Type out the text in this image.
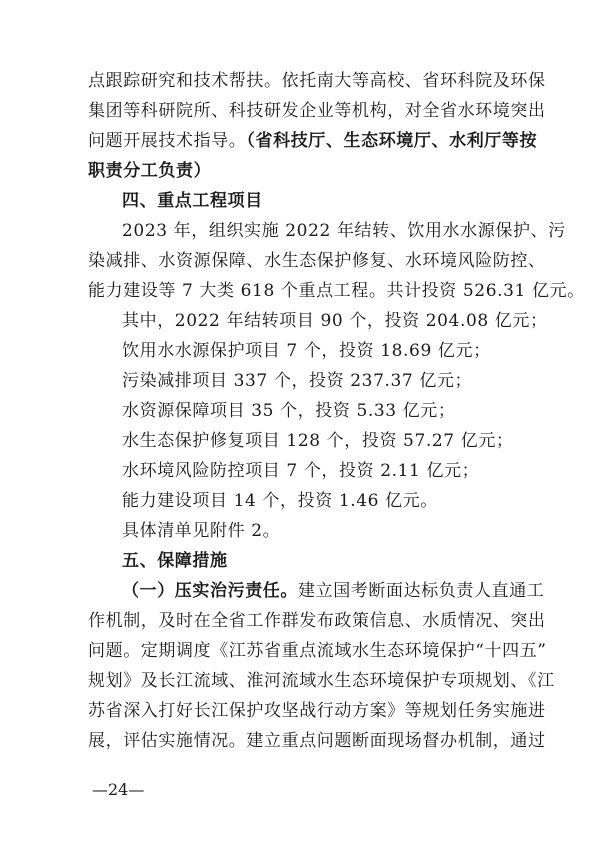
点跟踪研究和技术帮扶。依托南大等高校、省环科院及环保
集团等科研院所、科技研发企业等机构，对全省水环境突出
问题开展技术指导。（省科技厅、生态环境厅、水利厅等按
职责分工负责）
四、重点工程项目
2023 年，组织实施 2022 年结转、饮用水水源保护、污
染减排、水资源保障、水生态保护修复、水环境风险防控、
能力建设等 7 大类 618 个重点工程。共计投资 526.31 亿元。
其中，2022 年结转项目 90 个，投资 204.08 亿元；
饮用水水源保护项目 7 个，投资 18.69 亿元；
污染减排项目 337 个，投资 237.37 亿元；
水资源保障项目 35 个，投资 5.33 亿元；
水生态保护修复项目 128 个，投资 57.27 亿元；
水环境风险防控项目 7 个，投资 2.11 亿元；
能力建设项目 14 个，投资 1.46 亿元。
具体清单见附件 2。
五、保障措施
（一）压实治污责任。建立国考断面达标负责人直通工
作机制，及时在全省工作群发布政策信息、水质情况、突出
问题。定期调度《江苏省重点流域水生态环境保护“十四五”
规划》及长江流域、淮河流域水生态环境保护专项规划、《江
苏省深入打好长江保护攻坚战行动方案》等规划任务实施进
展，评估实施情况。建立重点问题断面现场督办机制，通过
—24—
